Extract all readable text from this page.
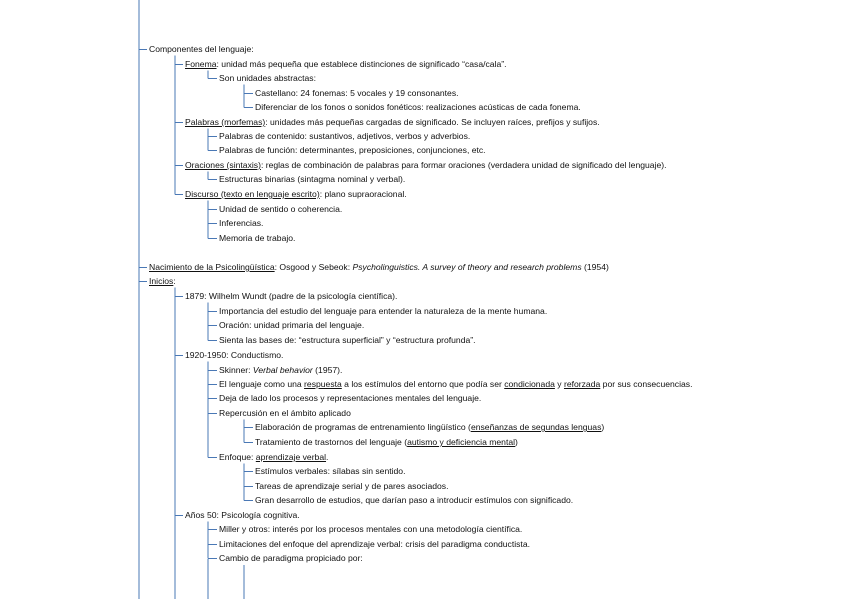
Componentes del lenguaje:
Fonema: unidad más pequeña que establece distinciones de significado “casa/cala”.
Son unidades abstractas:
Castellano: 24 fonemas: 5 vocales y 19 consonantes.
Diferenciar de los fonos o sonidos fonéticos: realizaciones acústicas de cada fonema.
Palabras (morfemas): unidades más pequeñas cargadas de significado. Se incluyen raíces, prefijos y sufijos.
Palabras de contenido: sustantivos, adjetivos, verbos y adverbios.
Palabras de función: determinantes, preposiciones, conjunciones, etc.
Oraciones (sintaxis): reglas de combinación de palabras para formar oraciones (verdadera unidad de significado del lenguaje).
Estructuras binarias (sintagma nominal y verbal).
Discurso (texto en lenguaje escrito): plano supraoracional.
Unidad de sentido o coherencia.
Inferencias.
Memoria de trabajo.
Nacimiento de la Psicolingüística: Osgood y Sebeok: Psycholinguistics. A survey of theory and research problems (1954)
Inicios:
1879: Wilhelm Wundt (padre de la psicología científica).
Importancia del estudio del lenguaje para entender la naturaleza de la mente humana.
Oración: unidad primaria del lenguaje.
Sienta las bases de: “estructura superficial” y “estructura profunda”.
1920-1950: Conductismo.
Skinner: Verbal behavior (1957).
El lenguaje como una respuesta a los estímulos del entorno que podía ser condicionada y reforzada por sus consecuencias.
Deja de lado los procesos y representaciones mentales del lenguaje.
Repercusión en el ámbito aplicado
Elaboración de programas de entrenamiento lingüístico (enseñanzas de segundas lenguas)
Tratamiento de trastornos del lenguaje (autismo y deficiencia mental)
Enfoque: aprendizaje verbal.
Estímulos verbales: sílabas sin sentido.
Tareas de aprendizaje serial y de pares asociados.
Gran desarrollo de estudios, que darían paso a introducir estímulos con significado.
Años 50: Psicología cognitiva.
Miller y otros: interés por los procesos mentales con una metodología científica.
Limitaciones del enfoque del aprendizaje verbal: crisis del paradigma conductista.
Cambio de paradigma propiciado por:
